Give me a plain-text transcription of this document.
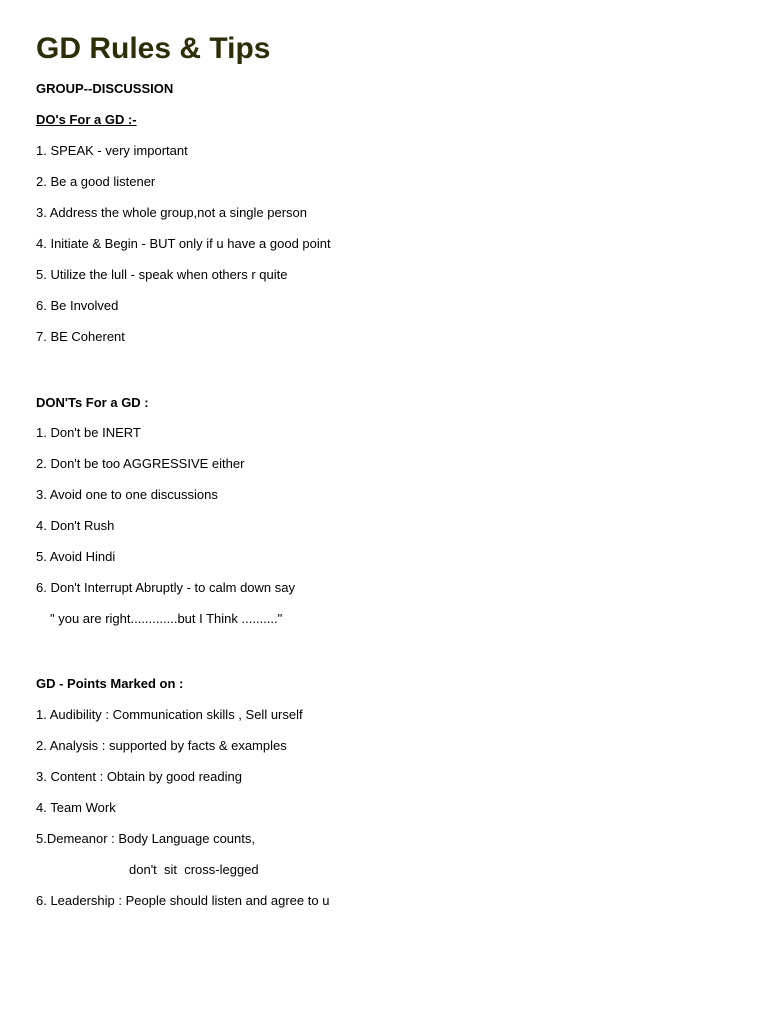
GD Rules & Tips

GROUP--DISCUSSION

DO's For a GD :-

1. SPEAK - very important

2. Be a good listener

3. Address the whole group,not a single person

4. Initiate & Begin - BUT only if u have a good point

5. Utilize the lull - speak when others r quite

6. Be Involved

7. BE Coherent

DON'Ts For a GD :

1. Don't be INERT

2. Don't be too AGGRESSIVE either

3. Avoid one to one discussions

4. Don't Rush

5. Avoid Hindi

6. Don't Interrupt Abruptly - to calm down say

" you are right.............but I Think .........."

GD - Points Marked on :

1. Audibility : Communication skills , Sell urself

2. Analysis : supported by facts & examples

3. Content : Obtain by good reading

4. Team Work

5.Demeanor : Body Language counts,

don't  sit  cross-legged

6. Leadership : People should listen and agree to u
